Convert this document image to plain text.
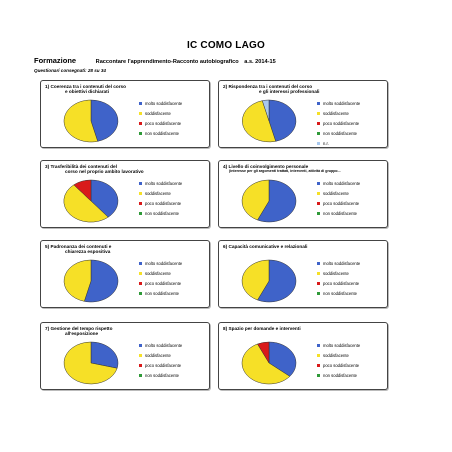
IC COMO LAGO
Formazione	Raccontare l'apprendimento-Racconto autobiografico a.s. 2014-15
Questionari consegnati: 28 su 34
1) Coerenza tra i contenuti del corso
e obiettivi dichiarati
molto soddisfacente
soddisfacente
poco soddisfacente
non soddisfacente
2) Rispondenza tra i contenuti del corso
e gli interessi professionali
molto soddisfacente
soddisfacente
poco soddisfacente
non soddisfacente
n.r.
3) Trasferibilità dei contenuti del
corso nel proprio ambito lavorativo
molto soddisfacente
soddisfacente
poco soddisfacente
non soddisfacente
4) Livello di coinvolgimento personale
(interesse per gli argomenti trattati, interventi, attività di gruppo...
molto soddisfacente
soddisfacente
poco soddisfacente
non soddisfacente
5) Padronanza dei contenuti e
chiarezza espositiva
molto soddisfacente
soddisfacente
poco soddisfacente
non soddisfacente
6) Capacità comunicative e relazionali
molto soddisfacente
soddisfacente
poco soddisfacente
non soddisfacente
7) Gestione del tempo rispetto
all'esposizione
molto soddisfacente
soddisfacente
poco soddisfacente
non soddisfacente
8) Spazio per domande e interventi
molto soddisfacente
soddisfacente
poco soddisfacente
non soddisfacente
